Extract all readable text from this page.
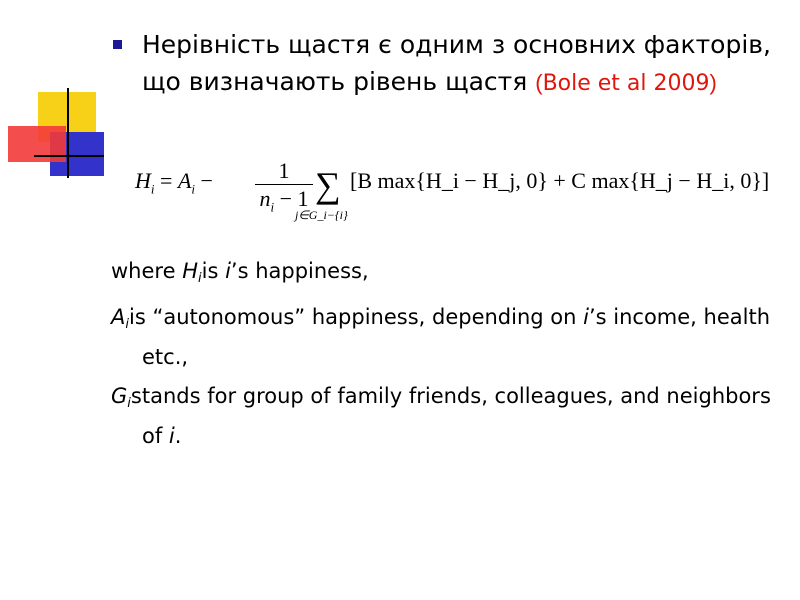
Нерівність щастя є одним з основних факторів, що визначають рівень щастя (Bole et al 2009)
$H_i = A_i$ −	1
$n_i - 1$ ∑
j∈G_i−{i}
[B max{H_i − H_j, 0} + C max{H_j − H_i, 0}]
where $H_iis$ i’s happiness,
$A_iis$ “autonomous” happiness, depending on i’s income, health etc.,
$G_istands$ for group of family friends, colleagues, and neighbors of i.
